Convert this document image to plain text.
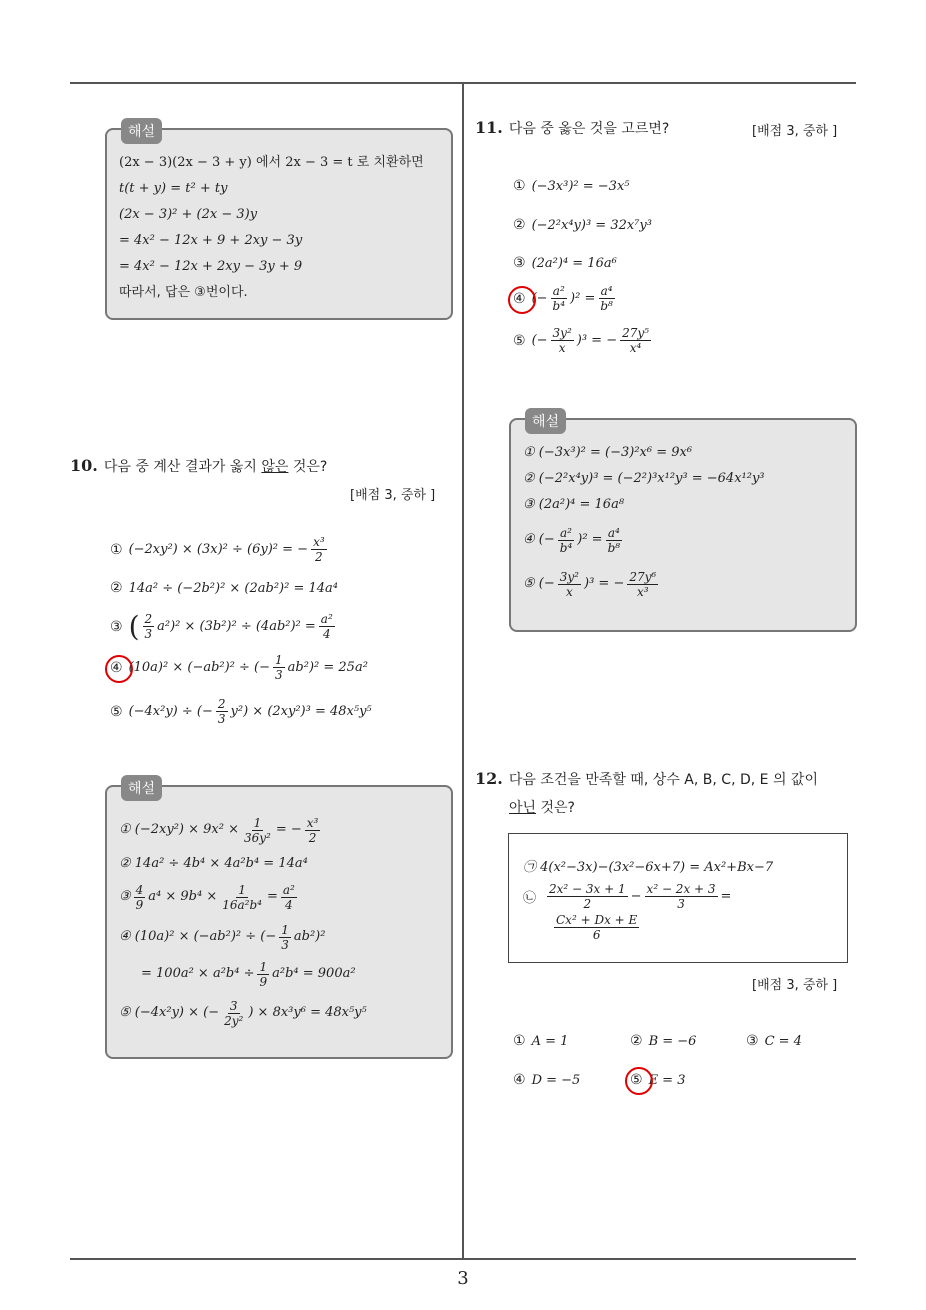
3
해설
(2x − 3)(2x − 3 + y) 에서 2x − 3 = t 로 치환하면
t(t + y) = t² + ty
(2x − 3)² + (2x − 3)y
= 4x² − 12x + 9 + 2xy − 3y
= 4x² − 12x + 2xy − 3y + 9
따라서, 답은 ③번이다.
10. 다음 중 계산 결과가 옳지 않은 것은?
[배점 3, 중하 ]
① (−2xy²) × (3x)² ÷ (6y)² = − $\frac{\text{x³}}{2}$
② 14a² ÷ (−2b²)² × (2ab²)² = 14a⁴
③ ( $\frac{2}{3} a^2)^2 \times (3b^2)^2 \div (4ab^2)^2 = \frac{\text{a²}}{4}$
④ (10a)² × (−ab²)² ÷ (− $\frac{1}{3} ab^2)^2 = 25a^2$
⑤ (−4x²y) ÷ (− $\frac{2}{3} y^2) \times (2xy^2)^3 = 48x^5y^5$
해설
① $(-2xy^2) \times 9x^2 \times \frac{1}{\text{36y²}}$ = − $\frac{\text{x³}}{2}$
② 14a² ÷ 4b⁴ × 4a²b⁴ = 14a⁴
③ $\frac{4}{9} a^4 \times 9b^4 \times \frac{1}{\text{16a²b⁴}} = \frac{\text{a²}}{4}$
④ (10a)² × (−ab²)² ÷ (− $\frac{1}{3} ab^2)^2$
= $100a^2 \times a^2b^4 \div \frac{1}{9} a^2b^4 = 900a^2$
⑤ (−4x²y) × (− $\frac{3}{\text{2y²}}$ ) × 8x³y⁶ = 48x⁵y⁵
11. 다음 중 옳은 것을 고르면?	[배점 3, 중하 ]
① (−3x³)² = −3x⁵
② (−2²x⁴y)³ = 32x⁷y³
③ (2a²)⁴ = 16a⁶
④ (− $\frac{\text{a²}}{\text{b⁴}} )^2 = \frac{\text{a⁴}}{\text{b⁸}}$
⑤ (− $\frac{\text{3y²}}{x} )^3$ = − $\frac{\text{27y⁵}}{\text{x⁴}}$
해설
① (−3x³)² = (−3)²x⁶ = 9x⁶
② (−2²x⁴y)³ = (−2²)³x¹²y³ = −64x¹²y³
③ (2a²)⁴ = 16a⁸
④ (− $\frac{\text{a²}}{\text{b⁴}} )^2 = \frac{\text{a⁴}}{\text{b⁸}}$
⑤ (− $\frac{\text{3y²}}{x} )^3$ = − $\frac{\text{27y⁶}}{\text{x³}}$
12. 다음 조건을 만족할 때, 상수 A, B, C, D, E 의 값이
아닌 것은?
㉠ 4(x²−3x)−(3x²−6x+7) = Ax²+Bx−7
㉡ $\frac{\text{2x² − 3x + 1}}{2} - \frac{\text{x² − 2x + 3}}{3}$ =
$\frac{\text{Cx² + Dx + E}}{6}$
[배점 3, 중하 ]
① A = 1	② B = −6	③ C = 4
④ D = −5	⑤ E = 3
